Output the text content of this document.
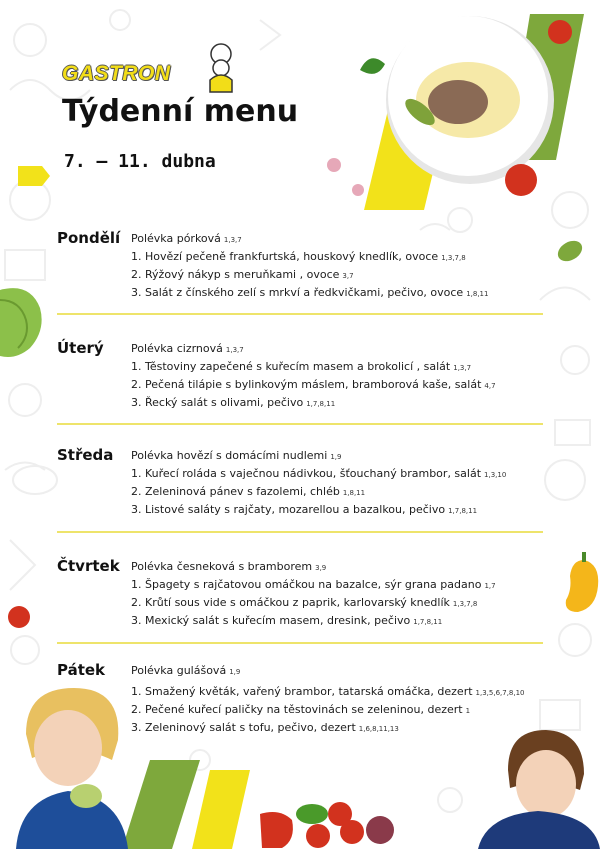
GASTRON
Týdenní menu
7. – 11. dubna
Pondělí Polévka pórková 1,3,7
1. Hovězí pečeně frankfurtská, houskový knedlík, ovoce 1,3,7,8
2. Rýžový nákyp s meruňkami , ovoce 3,7
3. Salát z čínského zelí s mrkví a ředkvičkami, pečivo, ovoce 1,8,11
Úterý Polévka cizrnová 1,3,7
1. Těstoviny zapečené s kuřecím masem a brokolicí , salát 1,3,7
2. Pečená tilápie s bylinkovým máslem, bramborová kaše, salát 4,7
3. Řecký salát s olivami, pečivo 1,7,8,11
Středa Polévka hovězí s domácími nudlemi 1,9
1. Kuřecí roláda s vaječnou nádivkou, šťouchaný brambor, salát 1,3,10
2. Zeleninová pánev s fazolemi, chléb 1,8,11
3. Listové saláty s rajčaty, mozarellou a bazalkou, pečivo 1,7,8,11
Čtvrtek Polévka česneková s bramborem 3,9
1. Špagety s rajčatovou omáčkou na bazalce, sýr grana padano 1,7
2. Krůtí sous vide s omáčkou z paprik, karlovarský knedlík 1,3,7,8
3. Mexický salát s kuřecím masem, dresink, pečivo 1,7,8,11
Pátek Polévka gulášová 1,9
1. Smažený květák, vařený brambor, tatarská omáčka, dezert 1,3,5,6,7,8,10
2. Pečené kuřecí paličky na těstovinách se zeleninou, dezert 1
3. Zeleninový salát s tofu, pečivo, dezert 1,6,8,11,13
